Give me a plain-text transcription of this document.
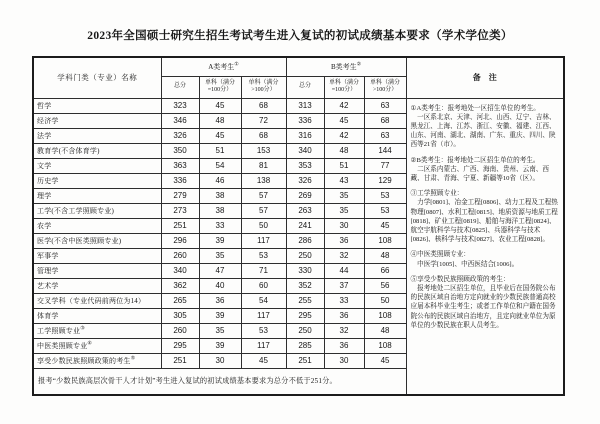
2023年全国硕士研究生招生考试考生进入复试的初试成绩基本要求（学术学位类）
学科门类（专业）名称	A类考生①			B类考生②			备注
	总分	单科（满分=100分）	单科（满分>100分）	总分	单科（满分=100分）	单科（满分>100分）	
哲学	323	45	68	313	42	63	①A类考生：报考地处一区招生单位的考生。

一区系北京、天津、河北、山西、辽宁、吉林、黑龙江、上海、江苏、浙江、安徽、福建、江西、山东、河南、湖北、湖南、广东、重庆、四川、陕西等21省（市）。

②B类考生：报考地处二区招生单位的考生。

二区系内蒙古、广西、海南、贵州、云南、西藏、甘肃、青海、宁夏、新疆等10省（区）。

③工学照顾专业：

力学[0801]、冶金工程[0806]、动力工程及工程热物理[0807]、水利工程[0815]、地质资源与地质工程[0818]、矿业工程[0819]、船舶与海洋工程[0824]、航空宇航科学与技术[0825]、兵器科学与技术[0826]、核科学与技术[0827]、农业工程[0828]。

④中医类照顾专业：

中医学[1005]、中西医结合[1006]。

⑤享受少数民族照顾政策的考生：

报考地处二区招生单位，且毕业后在国务院公布的民族区域自治地方定向就业的少数民族普通高校应届本科毕业生考生；或者工作单位和户籍在国务院公布的民族区域自治地方，且定向就业单位为原单位的少数民族在职人员考生。

经济学	346	48	72	336	45	68	
法学	326	45	68	316	42	63	
教育学(不含体育学)	350	51	153	340	48	144	
文学	363	54	81	353	51	77	
历史学	336	46	138	326	43	129	
理学	279	38	57	269	35	53	
工学(不含工学照顾专业)	273	38	57	263	35	53	
农学	251	33	50	241	30	45	
医学(不含中医类照顾专业)	296	39	117	286	36	108	
军事学	260	35	53	250	32	48	
管理学	340	47	71	330	44	66	
艺术学	362	40	60	352	37	56	
交叉学科（专业代码前两位为14）	265	36	54	255	33	50	
体育学	305	39	117	295	36	108	
工学照顾专业③	260	35	53	250	32	48	
中医类照顾专业④	295	39	117	285	36	108	
享受少数民族照顾政策的考生⑤	251	30	45	251	30	45	
报考“少数民族高层次骨干人才计划”考生进入复试的初试成绩基本要求为总分不低于251分。							
